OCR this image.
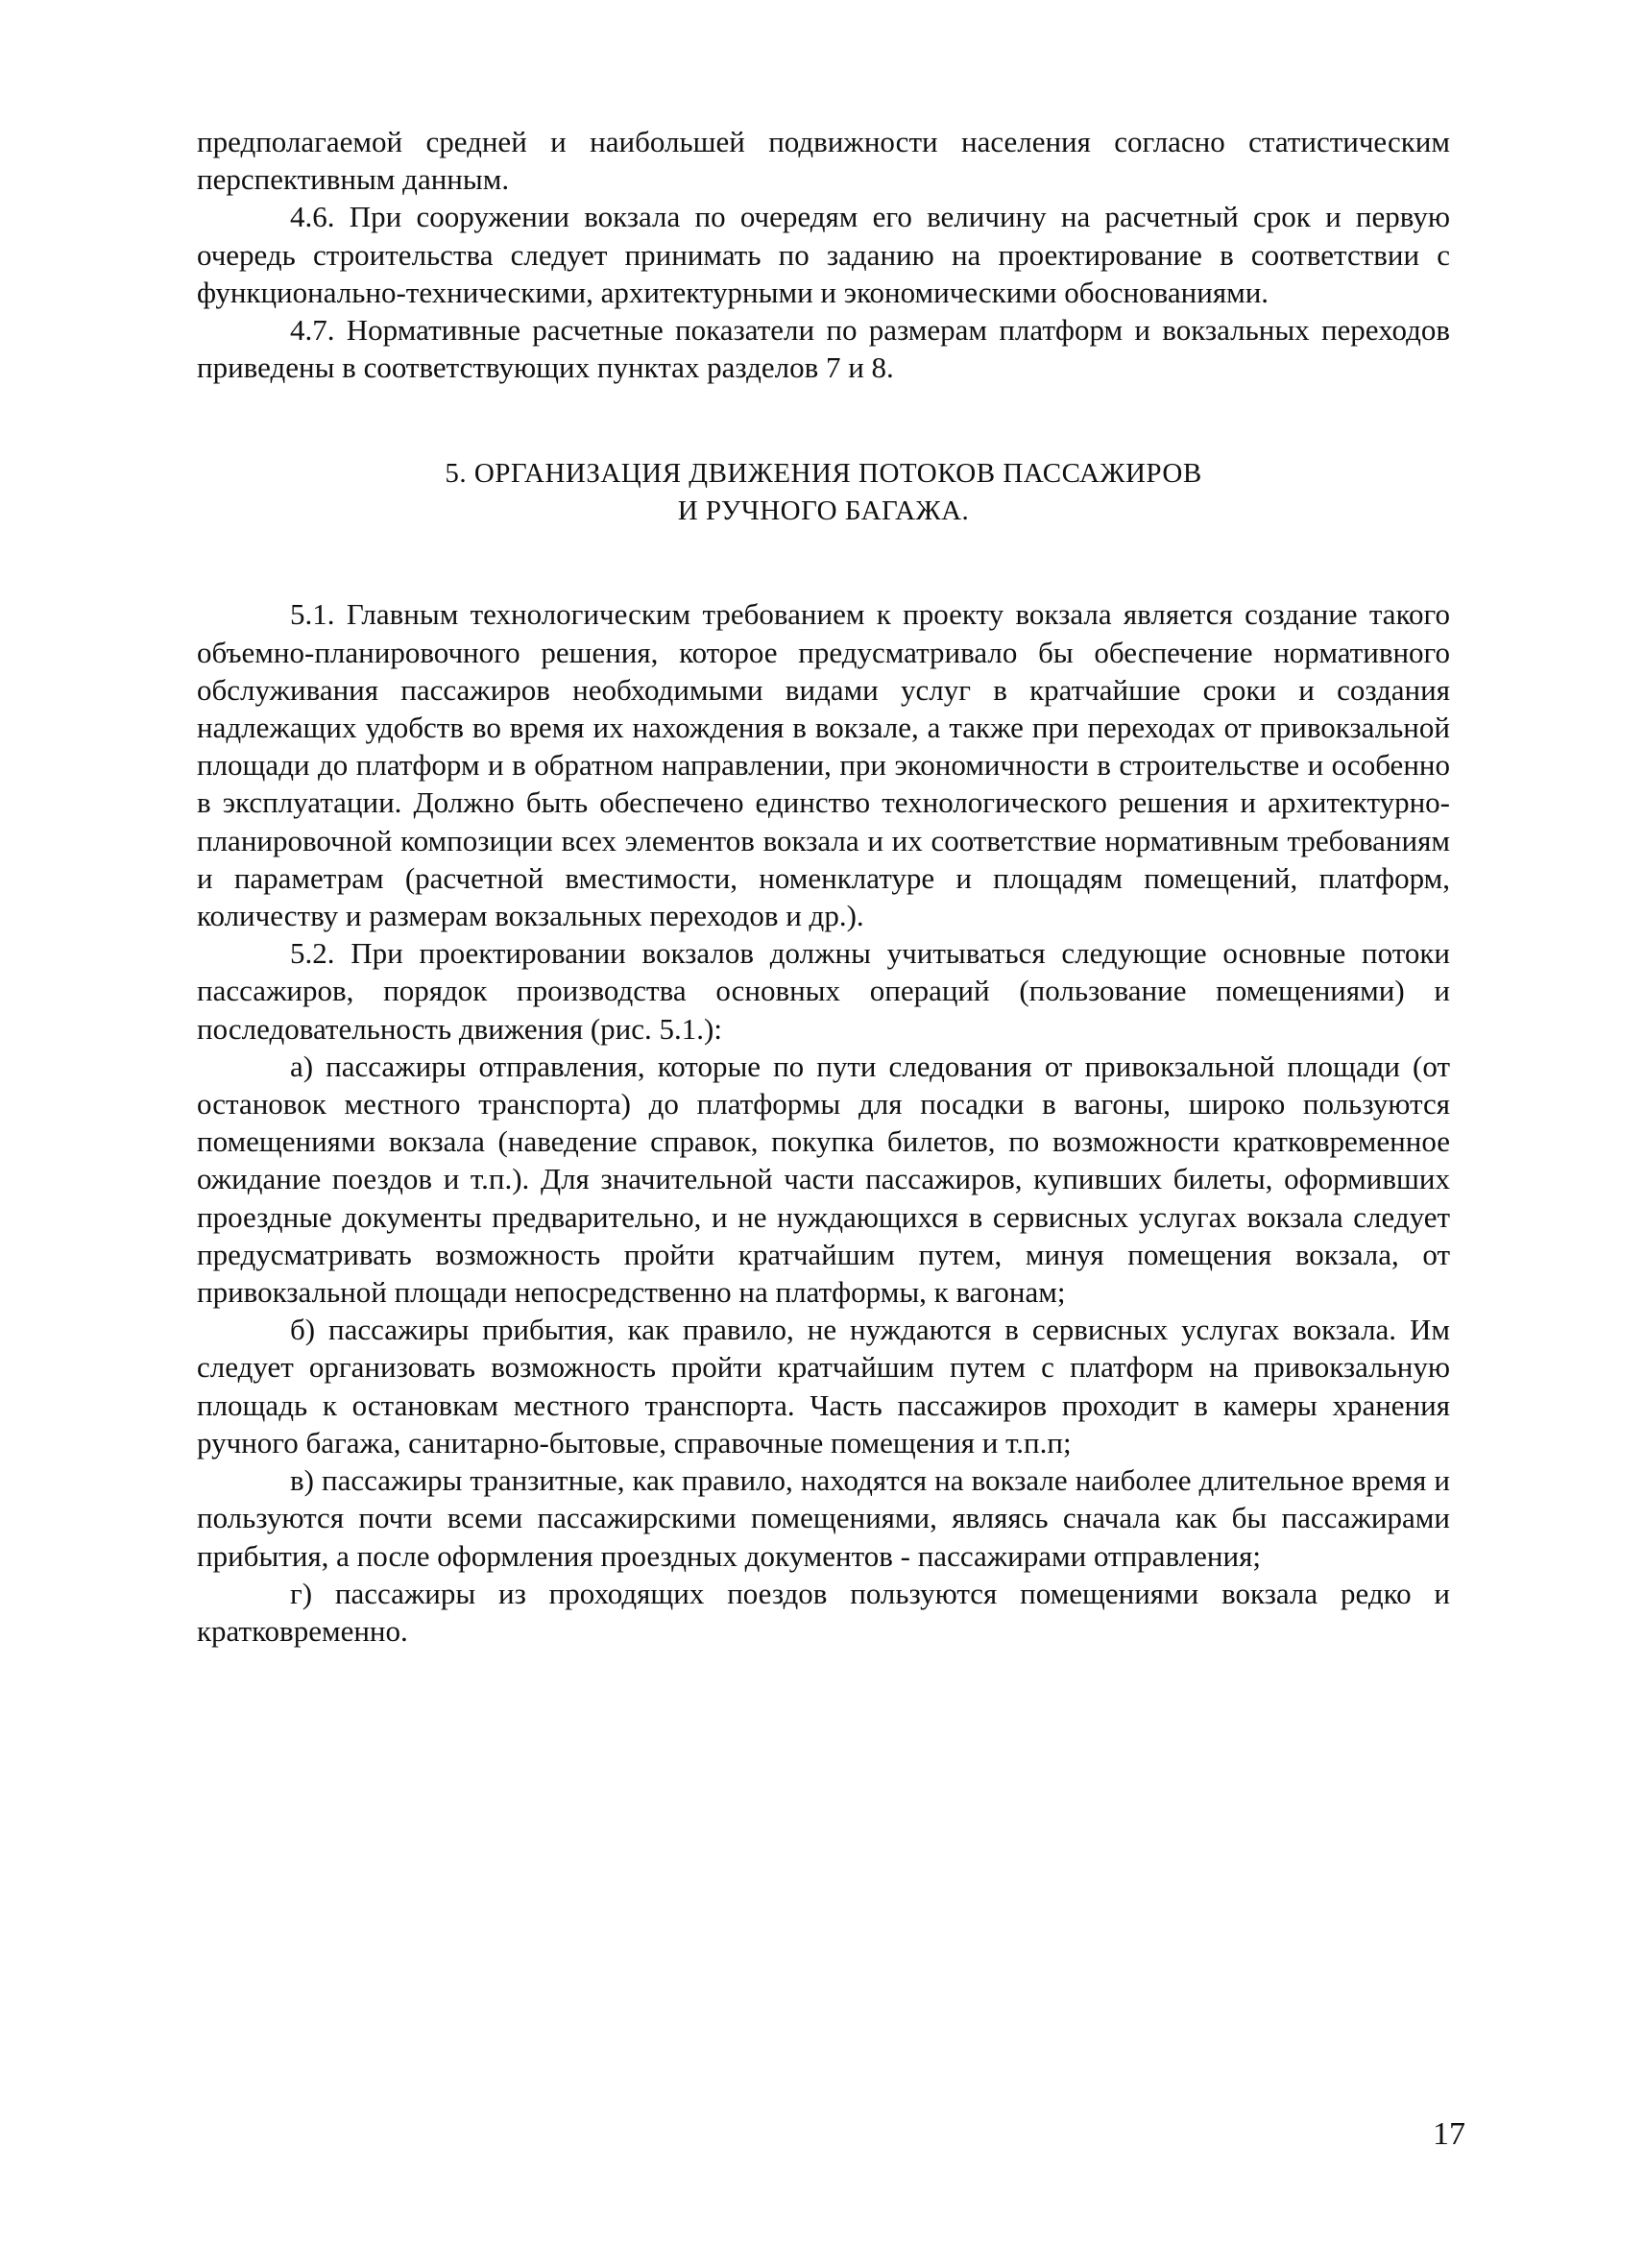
предполагаемой средней и наибольшей подвижности населения согласно статистическим перспективным данным.

4.6. При сооружении вокзала по очередям его величину на расчетный срок и первую очередь строительства следует принимать по заданию на проектирование в соответствии с функционально-техническими, архитектурными и экономическими обоснованиями.

4.7. Нормативные расчетные показатели по размерам платформ и вокзальных переходов приведены в соответствующих пунктах разделов 7 и 8.

5. ОРГАНИЗАЦИЯ ДВИЖЕНИЯ ПОТОКОВ ПАССАЖИРОВ

И РУЧНОГО БАГАЖА.

5.1. Главным технологическим требованием к проекту вокзала является создание такого объемно-планировочного решения, которое предусматривало бы обеспечение нормативного обслуживания пассажиров необходимыми видами услуг в кратчайшие сроки и создания надлежащих удобств во время их нахождения в вокзале, а также при переходах от привокзальной площади до платформ и в обратном направлении, при экономичности в строительстве и особенно в эксплуатации. Должно быть обеспечено единство технологического решения и архитектурно-планировочной композиции всех элементов вокзала и их соответствие нормативным требованиям и параметрам (расчетной вместимости, номенклатуре и площадям помещений, платформ, количеству и размерам вокзальных переходов и др.).

5.2. При проектировании вокзалов должны учитываться следующие основные потоки пассажиров, порядок производства основных операций (пользование помещениями) и последовательность движения (рис. 5.1.):

а) пассажиры отправления, которые по пути следования от привокзальной площади (от остановок местного транспорта) до платформы для посадки в вагоны, широко пользуются помещениями вокзала (наведение справок, покупка билетов, по возможности кратковременное ожидание поездов и т.п.). Для значительной части пассажиров, купивших билеты, оформивших проездные документы предварительно, и не нуждающихся в сервисных услугах вокзала следует предусматривать возможность пройти кратчайшим путем, минуя помещения вокзала, от привокзальной площади непосредственно на платформы, к вагонам;

б) пассажиры прибытия, как правило, не нуждаются в сервисных услугах вокзала. Им следует организовать возможность пройти кратчайшим путем с платформ на привокзальную площадь к остановкам местного транспорта. Часть пассажиров проходит в камеры хранения ручного багажа, санитарно-бытовые, справочные помещения и т.п.п;

в) пассажиры транзитные, как правило, находятся на вокзале наиболее длительное время и пользуются почти всеми пассажирскими помещениями, являясь сначала как бы пассажирами прибытия, а после оформления проездных документов - пассажирами отправления;

г) пассажиры из проходящих поездов пользуются помещениями вокзала редко и кратковременно.

17
